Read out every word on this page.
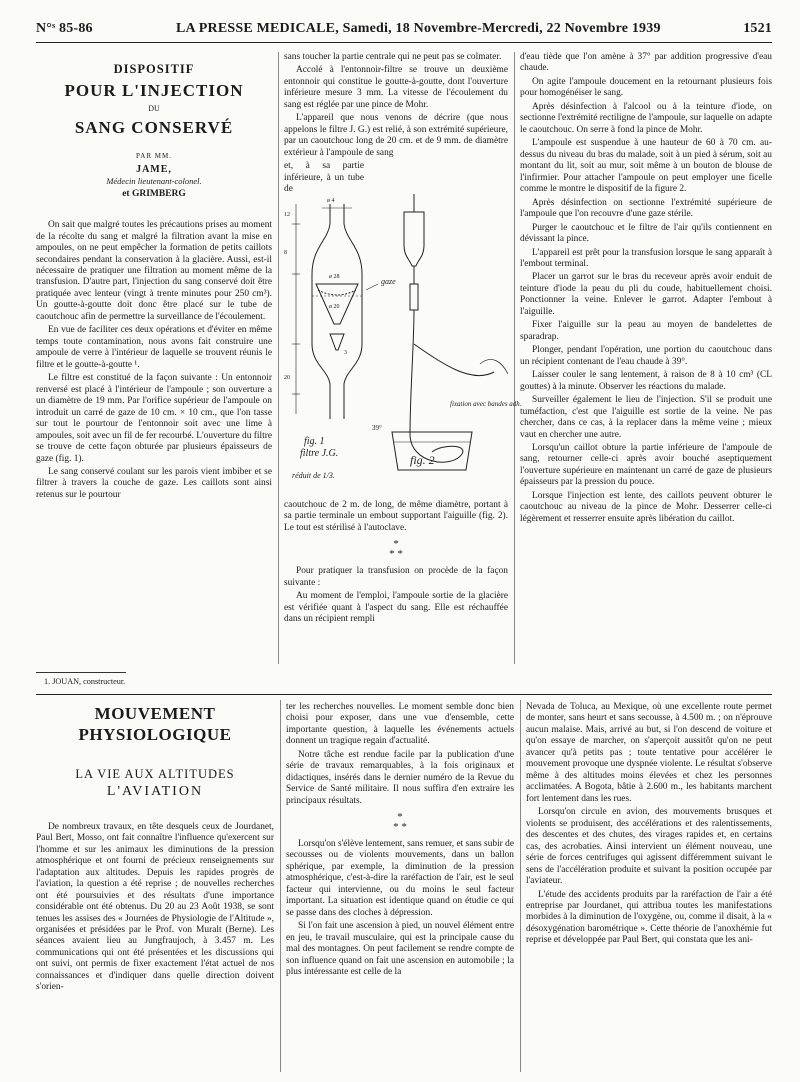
N°ˢ 85-86	LA PRESSE MEDICALE, Samedi, 18 Novembre-Mercredi, 22 Novembre 1939	1521
DISPOSITIF
POUR L'INJECTION
DU
SANG CONSERVÉ
PAR MM.
JAME,
Médecin lieutenant-colonel.
et GRIMBERG

On sait que malgré toutes les précautions prises au moment de la récolte du sang et malgré la filtration avant la mise en ampoules, on ne peut empêcher la formation de petits caillots secondaires pendant la conservation à la glacière. Aussi, est-il nécessaire de pratiquer une filtration au moment même de la transfusion. D'autre part, l'injection du sang conservé doit être pratiquée avec lenteur (vingt à trente minutes pour 250 cm³). Un goutte-à-goutte doit donc être placé sur le tube de caoutchouc afin de permettre la surveillance de l'écoulement.

En vue de faciliter ces deux opérations et d'éviter en même temps toute contamination, nous avons fait construire une ampoule de verre à l'intérieur de laquelle se trouvent réunis le filtre et le goutte-à-goutte ¹.

Le filtre est constitué de la façon suivante : Un entonnoir renversé est placé à l'intérieur de l'ampoule ; son ouverture a un diamètre de 19 mm. Par l'orifice supérieur de l'ampoule on introduit un carré de gaze de 10 cm. × 10 cm., que l'on tasse sur tout le pourtour de l'entonnoir soit avec une lime à ampoules, soit avec un fil de fer recourbé. L'ouverture du filtre se trouve de cette façon obturée par plusieurs épaisseurs de gaze (fig. 1).

Le sang conservé coulant sur les parois vient imbiber et se filtrer à travers la couche de gaze. Les caillots sont ainsi retenus sur le pourtour

sans toucher la partie centrale qui ne peut pas se colmater.

Accolé à l'entonnoir-filtre se trouve un deuxième entonnoir qui constitue le goutte-à-goutte, dont l'ouverture inférieure mesure 3 mm. La vitesse de l'écoulement du sang est réglée par une pince de Mohr.

L'appareil que nous venons de décrire (que nous appelons le filtre J. G.) est relié, à son extrémité supérieure, par un caoutchouc long de 20 cm. et de 9 mm. de diamètre extérieur à l'ampoule de sang

et, à sa partie inférieure, à un tube de

gaze
ø 4
12
8
ø 20
ø 28
3
20
fig. 1
filtre J.G.
réduit de 1/3.
fig. 2
fixation avec bandes adh.
39°

caoutchouc de 2 m. de long, de même diamètre, portant à sa partie terminale un embout supportant l'aiguille (fig. 2). Le tout est stérilisé à l'autoclave.

*
* *

Pour pratiquer la transfusion on procède de la façon suivante :

Au moment de l'emploi, l'ampoule sortie de la glacière est vérifiée quant à l'aspect du sang. Elle est réchauffée dans un récipient rempli

d'eau tiède que l'on amène à 37° par addition progressive d'eau chaude.

On agite l'ampoule doucement en la retournant plusieurs fois pour homogénéiser le sang.

Après désinfection à l'alcool ou à la teinture d'iode, on sectionne l'extrémité rectiligne de l'ampoule, sur laquelle on adapte le caoutchouc. On serre à fond la pince de Mohr.

L'ampoule est suspendue à une hauteur de 60 à 70 cm. au-dessus du niveau du bras du malade, soit à un pied à sérum, soit au montant du lit, soit au mur, soit même à un bouton de blouse de l'infirmier. Pour attacher l'ampoule on peut employer une ficelle comme le montre le dispositif de la figure 2.

Après désinfection on sectionne l'extrémité supérieure de l'ampoule que l'on recouvre d'une gaze stérile.

Purger le caoutchouc et le filtre de l'air qu'ils contiennent en dévissant la pince.

L'appareil est prêt pour la transfusion lorsque le sang apparaît à l'embout terminal.

Placer un garrot sur le bras du receveur après avoir enduit de teinture d'iode la peau du pli du coude, habituellement choisi. Ponctionner la veine. Enlever le garrot. Adapter l'embout à l'aiguille.

Fixer l'aiguille sur la peau au moyen de bandelettes de sparadrap.

Plonger, pendant l'opération, une portion du caoutchouc dans un récipient contenant de l'eau chaude à 39°.

Laisser couler le sang lentement, à raison de 8 à 10 cm³ (CL gouttes) à la minute. Observer les réactions du malade.

Surveiller également le lieu de l'injection. S'il se produit une tuméfaction, c'est que l'aiguille est sortie de la veine. Ne pas chercher, dans ce cas, à la replacer dans la même veine ; mieux vaut en chercher une autre.

Lorsqu'un caillot obture la partie inférieure de l'ampoule de sang, retourner celle-ci après avoir bouché aseptiquement l'ouverture supérieure en maintenant un carré de gaze de plusieurs épaisseurs par la pression du pouce.

Lorsque l'injection est lente, des caillots peuvent obturer le caoutchouc au niveau de la pince de Mohr. Desserrer celle-ci légèrement et resserrer ensuite après libération du caillot.

1. JOUAN, constructeur.
MOUVEMENT PHYSIOLOGIQUE
LA VIE AUX ALTITUDES
L'AVIATION

De nombreux travaux, en tête desquels ceux de Jourdanet, Paul Bert, Mosso, ont fait connaître l'influence qu'exercent sur l'homme et sur les animaux les diminutions de la pression atmosphérique et ont fourni de précieux renseignements sur l'adaptation aux altitudes. Depuis les rapides progrès de l'aviation, la question a été reprise ; de nouvelles recherches ont été poursuivies et des résultats d'une importance considérable ont été obtenus. Du 20 au 23 Août 1938, se sont tenues les assises des « Journées de Physiologie de l'Altitude », organisées et présidées par le Prof. von Muralt (Berne). Les séances avaient lieu au Jungfraujoch, à 3.457 m. Les communications qui ont été présentées et les discussions qui ont suivi, ont permis de fixer exactement l'état actuel de nos connaissances et d'indiquer dans quelle direction doivent s'orien-

ter les recherches nouvelles. Le moment semble donc bien choisi pour exposer, dans une vue d'ensemble, cette importante question, à laquelle les événements actuels donnent un tragique regain d'actualité.

Notre tâche est rendue facile par la publication d'une série de travaux remarquables, à la fois originaux et didactiques, insérés dans le dernier numéro de la Revue du Service de Santé militaire. Il nous suffira d'en extraire les principaux résultats.

*
* *

Lorsqu'on s'élève lentement, sans remuer, et sans subir de secousses ou de violents mouvements, dans un ballon sphérique, par exemple, la diminution de la pression atmosphérique, c'est-à-dire la raréfaction de l'air, est le seul facteur qui intervienne, ou du moins le seul facteur important. La situation est identique quand on étudie ce qui se passe dans des cloches à dépression.

Si l'on fait une ascension à pied, un nouvel élément entre en jeu, le travail musculaire, qui est la principale cause du mal des montagnes. On peut facilement se rendre compte de son influence quand on fait une ascension en automobile ; la plus intéressante est celle de la

Nevada de Toluca, au Mexique, où une excellente route permet de monter, sans heurt et sans secousse, à 4.500 m. ; on n'éprouve aucun malaise. Mais, arrivé au but, si l'on descend de voiture et qu'on essaye de marcher, on s'aperçoit aussitôt qu'on ne peut avancer qu'à petits pas ; toute tentative pour accélérer le mouvement provoque une dyspnée violente. Le résultat s'observe même à des altitudes moins élevées et chez les personnes acclimatées. A Bogota, bâtie à 2.600 m., les habitants marchent fort lentement dans les rues.

Lorsqu'on circule en avion, des mouvements brusques et violents se produisent, des accélérations et des ralentissements, des descentes et des chutes, des virages rapides et, en certains cas, des acrobaties. Ainsi intervient un élément nouveau, une série de forces centrifuges qui agissent différemment suivant le sens de l'accélération produite et suivant la position occupée par l'aviateur.

L'étude des accidents produits par la raréfaction de l'air a été entreprise par Jourdanet, qui attribua toutes les manifestations morbides à la diminution de l'oxygène, ou, comme il disait, à la « désoxygénation barométrique ». Cette théorie de l'anoxhémie fut reprise et développée par Paul Bert, qui constata que les ani-
